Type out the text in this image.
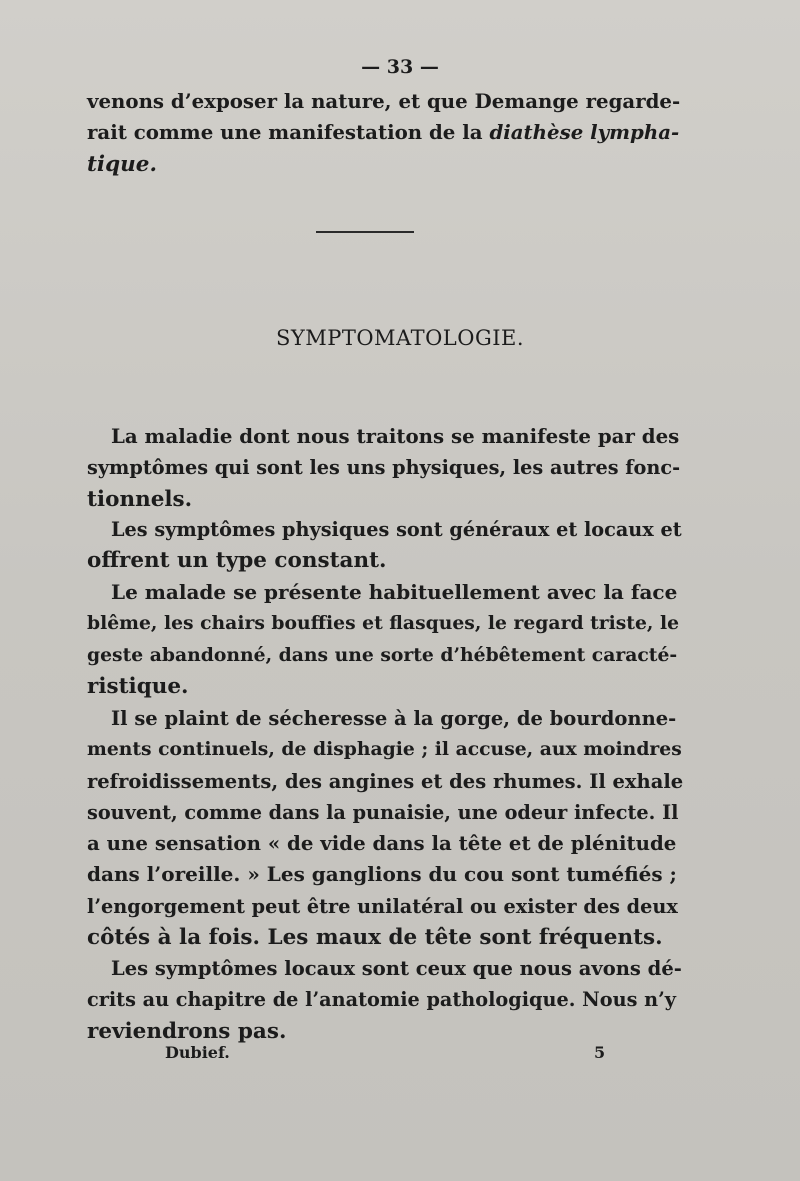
— 33 —
venons d’exposer la nature, et que Demange regarde-
rait comme une manifestation de la diathèse lympha-
tique.
SYMPTOMATOLOGIE.
La maladie dont nous traitons se manifeste par des
symptômes qui sont les uns physiques, les autres fonc-
tionnels.
Les symptômes physiques sont généraux et locaux et
offrent un type constant.
Le malade se présente habituellement avec la face
blême, les chairs bouffies et flasques, le regard triste, le
geste abandonné, dans une sorte d’hébêtement caracté-
ristique.
Il se plaint de sécheresse à la gorge, de bourdonne-
ments continuels, de disphagie ; il accuse, aux moindres
refroidissements, des angines et des rhumes. Il exhale
souvent, comme dans la punaisie, une odeur infecte. Il
a une sensation « de vide dans la tête et de plénitude
dans l’oreille. » Les ganglions du cou sont tuméfiés ;
l’engorgement peut être unilatéral ou exister des deux
côtés à la fois. Les maux de tête sont fréquents.
Les symptômes locaux sont ceux que nous avons dé-
crits au chapitre de l’anatomie pathologique. Nous n’y
reviendrons pas.
Dubief.	5
